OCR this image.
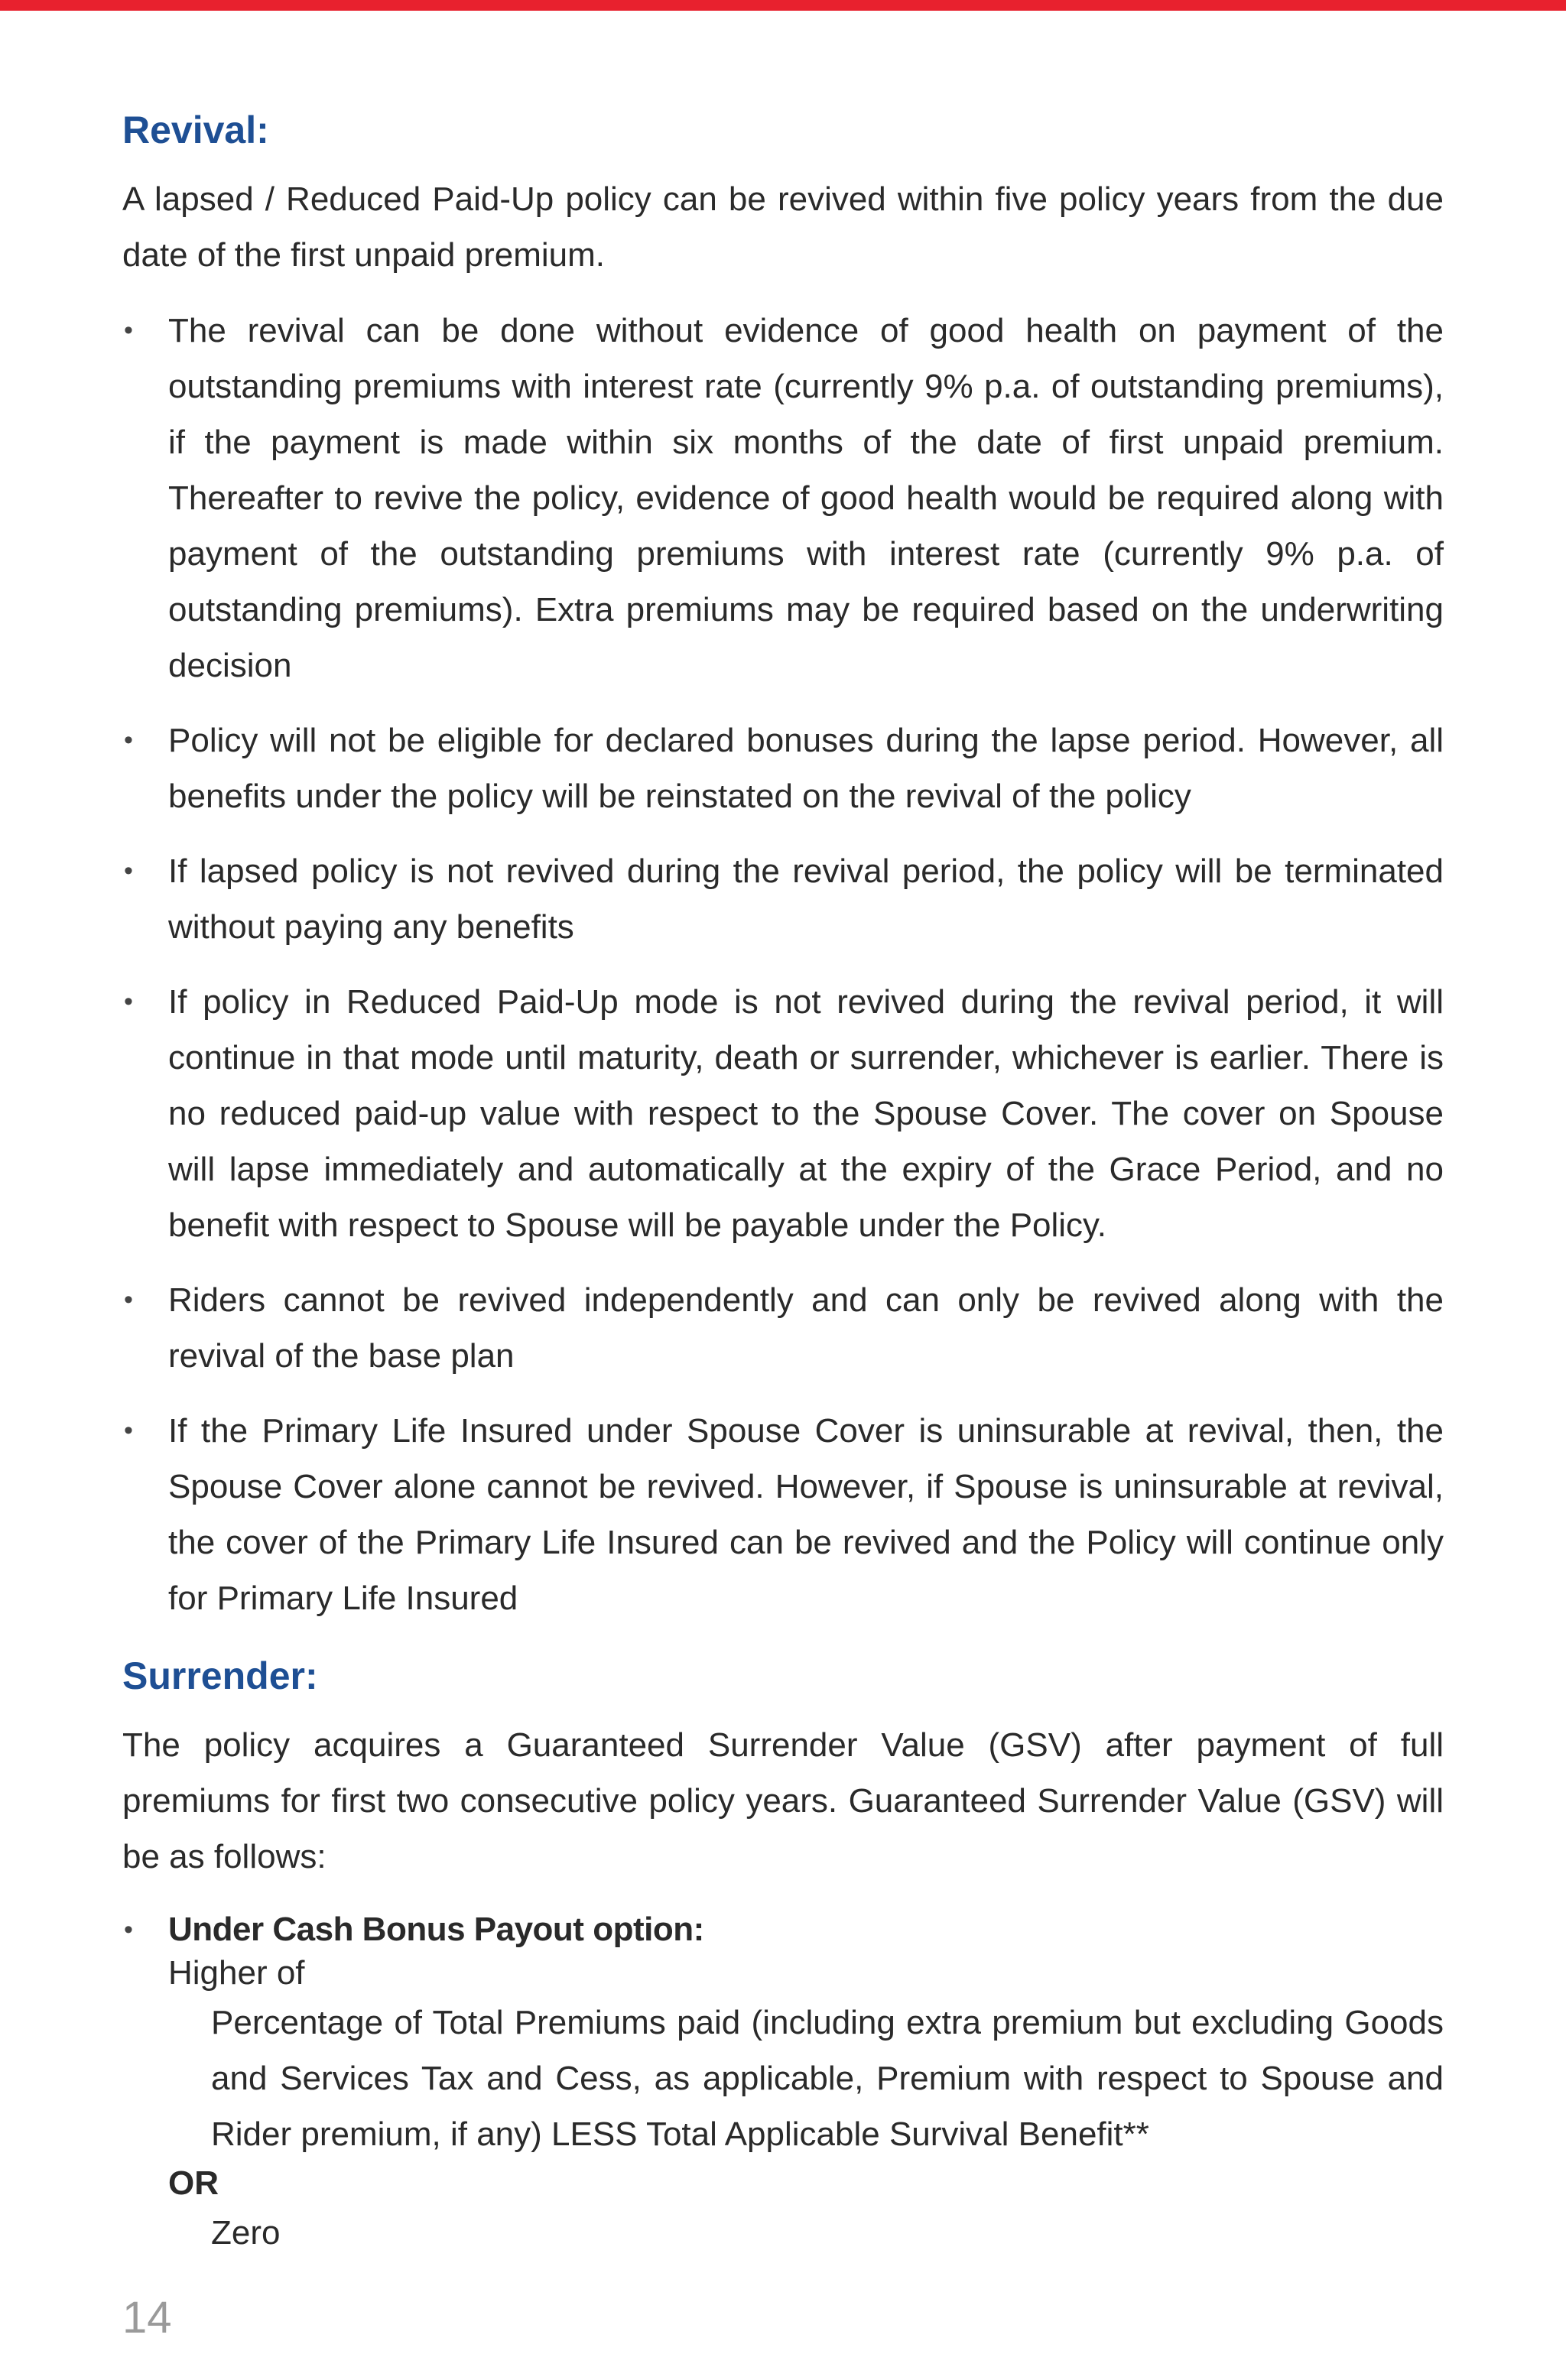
Revival:

A lapsed / Reduced Paid-Up policy can be revived within five policy years from the due date of the first unpaid premium.

• The revival can be done without evidence of good health on payment of the outstanding premiums with interest rate (currently 9% p.a. of outstanding premiums), if the payment is made within six months of the date of first unpaid premium. Thereafter to revive the policy, evidence of good health would be required along with payment of the outstanding premiums with interest rate (currently 9% p.a. of outstanding premiums). Extra premiums may be required based on the underwriting decision
• Policy will not be eligible for declared bonuses during the lapse period. However, all benefits under the policy will be reinstated on the revival of the policy
• If lapsed policy is not revived during the revival period, the policy will be terminated without paying any benefits
• If policy in Reduced Paid-Up mode is not revived during the revival period, it will continue in that mode until maturity, death or surrender, whichever is earlier. There is no reduced paid-up value with respect to the Spouse Cover. The cover on Spouse will lapse immediately and automatically at the expiry of the Grace Period, and no benefit with respect to Spouse will be payable under the Policy.
• Riders cannot be revived independently and can only be revived along with the revival of the base plan
• If the Primary Life Insured under Spouse Cover is uninsurable at revival, then, the Spouse Cover alone cannot be revived. However, if Spouse is uninsurable at revival, the cover of the Primary Life Insured can be revived and the Policy will continue only for Primary Life Insured
Surrender:

The policy acquires a Guaranteed Surrender Value (GSV) after payment of full premiums for first two consecutive policy years. Guaranteed Surrender Value (GSV) will be as follows:

• Under Cash Bonus Payout option:
Higher of
Percentage of Total Premiums paid (including extra premium but excluding Goods and Services Tax and Cess, as applicable, Premium with respect to Spouse and Rider premium, if any) LESS Total Applicable Survival Benefit**
OR
Zero
14
